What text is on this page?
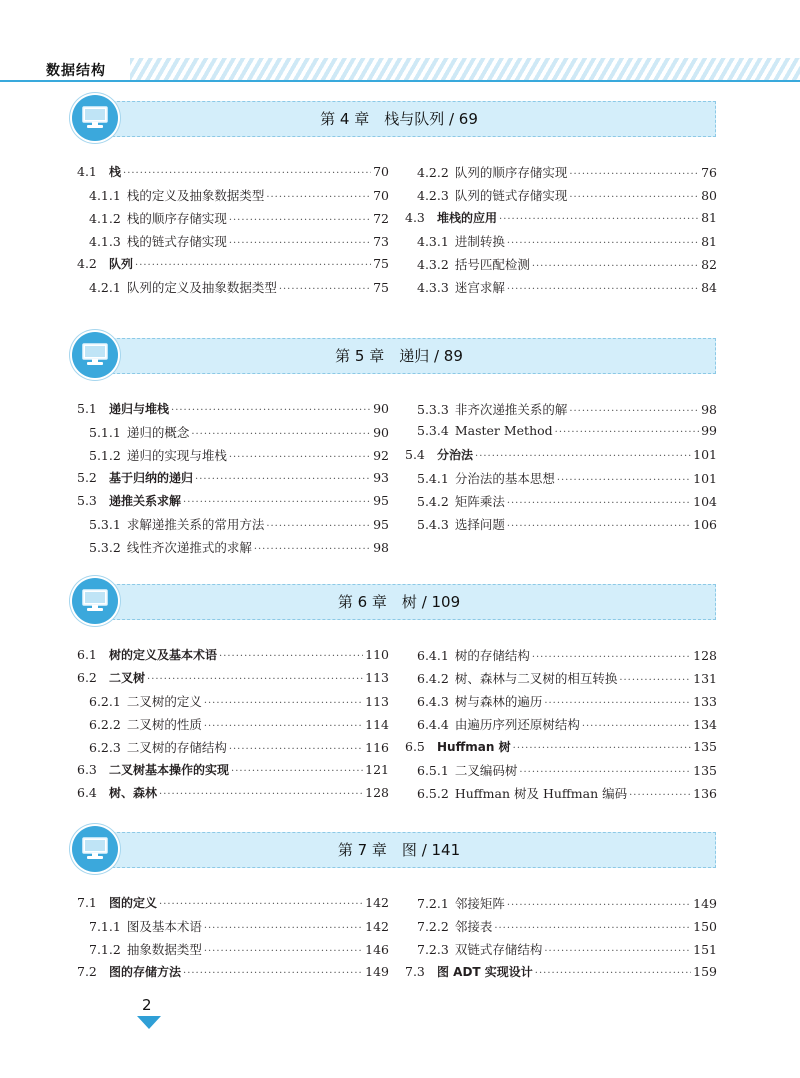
数据结构
第 4 章　栈与队列 / 69
4.1	栈 ·····	70
4.1.1 栈的定义及抽象数据类型 ·····	70
4.1.2 栈的顺序存储实现 ·····	72
4.1.3 栈的链式存储实现 ·····	73
4.2	队列 ·····	75
4.2.1 队列的定义及抽象数据类型 ·····	75
4.2.2 队列的顺序存储实现 ·····	76
4.2.3 队列的链式存储实现 ·····	80
4.3	堆栈的应用 ·····	81
4.3.1 进制转换 ·····	81
4.3.2 括号匹配检测 ·····	82
4.3.3 迷宫求解 ·····	84
第 5 章　递归 / 89
5.1	递归与堆栈 ·····	90
5.1.1 递归的概念 ·····	90
5.1.2 递归的实现与堆栈 ·····	92
5.2	基于归纳的递归 ·····	93
5.3	递推关系求解 ·····	95
5.3.1 求解递推关系的常用方法 ·····	95
5.3.2 线性齐次递推式的求解 ·····	98
5.3.3 非齐次递推关系的解 ·····	98
5.3.4 Master Method ·····	99
5.4	分治法 ·····	101
5.4.1 分治法的基本思想 ·····	101
5.4.2 矩阵乘法 ·····	104
5.4.3 选择问题 ·····	106
第 6 章　树 / 109
6.1	树的定义及基本术语 ·····	110
6.2	二叉树 ·····	113
6.2.1 二叉树的定义 ·····	113
6.2.2 二叉树的性质 ·····	114
6.2.3 二叉树的存储结构 ·····	116
6.3	二叉树基本操作的实现 ·····	121
6.4	树、森林 ·····	128
6.4.1 树的存储结构 ·····	128
6.4.2 树、森林与二叉树的相互转换 ·····	131
6.4.3 树与森林的遍历 ·····	133
6.4.4 由遍历序列还原树结构 ·····	134
6.5	Huffman 树 ·····	135
6.5.1 二叉编码树 ·····	135
6.5.2 Huffman 树及 Huffman 编码 ·····	136
第 7 章　图 / 141
7.1	图的定义 ·····	142
7.1.1 图及基本术语 ·····	142
7.1.2 抽象数据类型 ·····	146
7.2	图的存储方法 ·····	149
7.2.1 邻接矩阵 ·····	149
7.2.2 邻接表 ·····	150
7.2.3 双链式存储结构 ·····	151
7.3	图 ADT 实现设计 ·····	159
2
